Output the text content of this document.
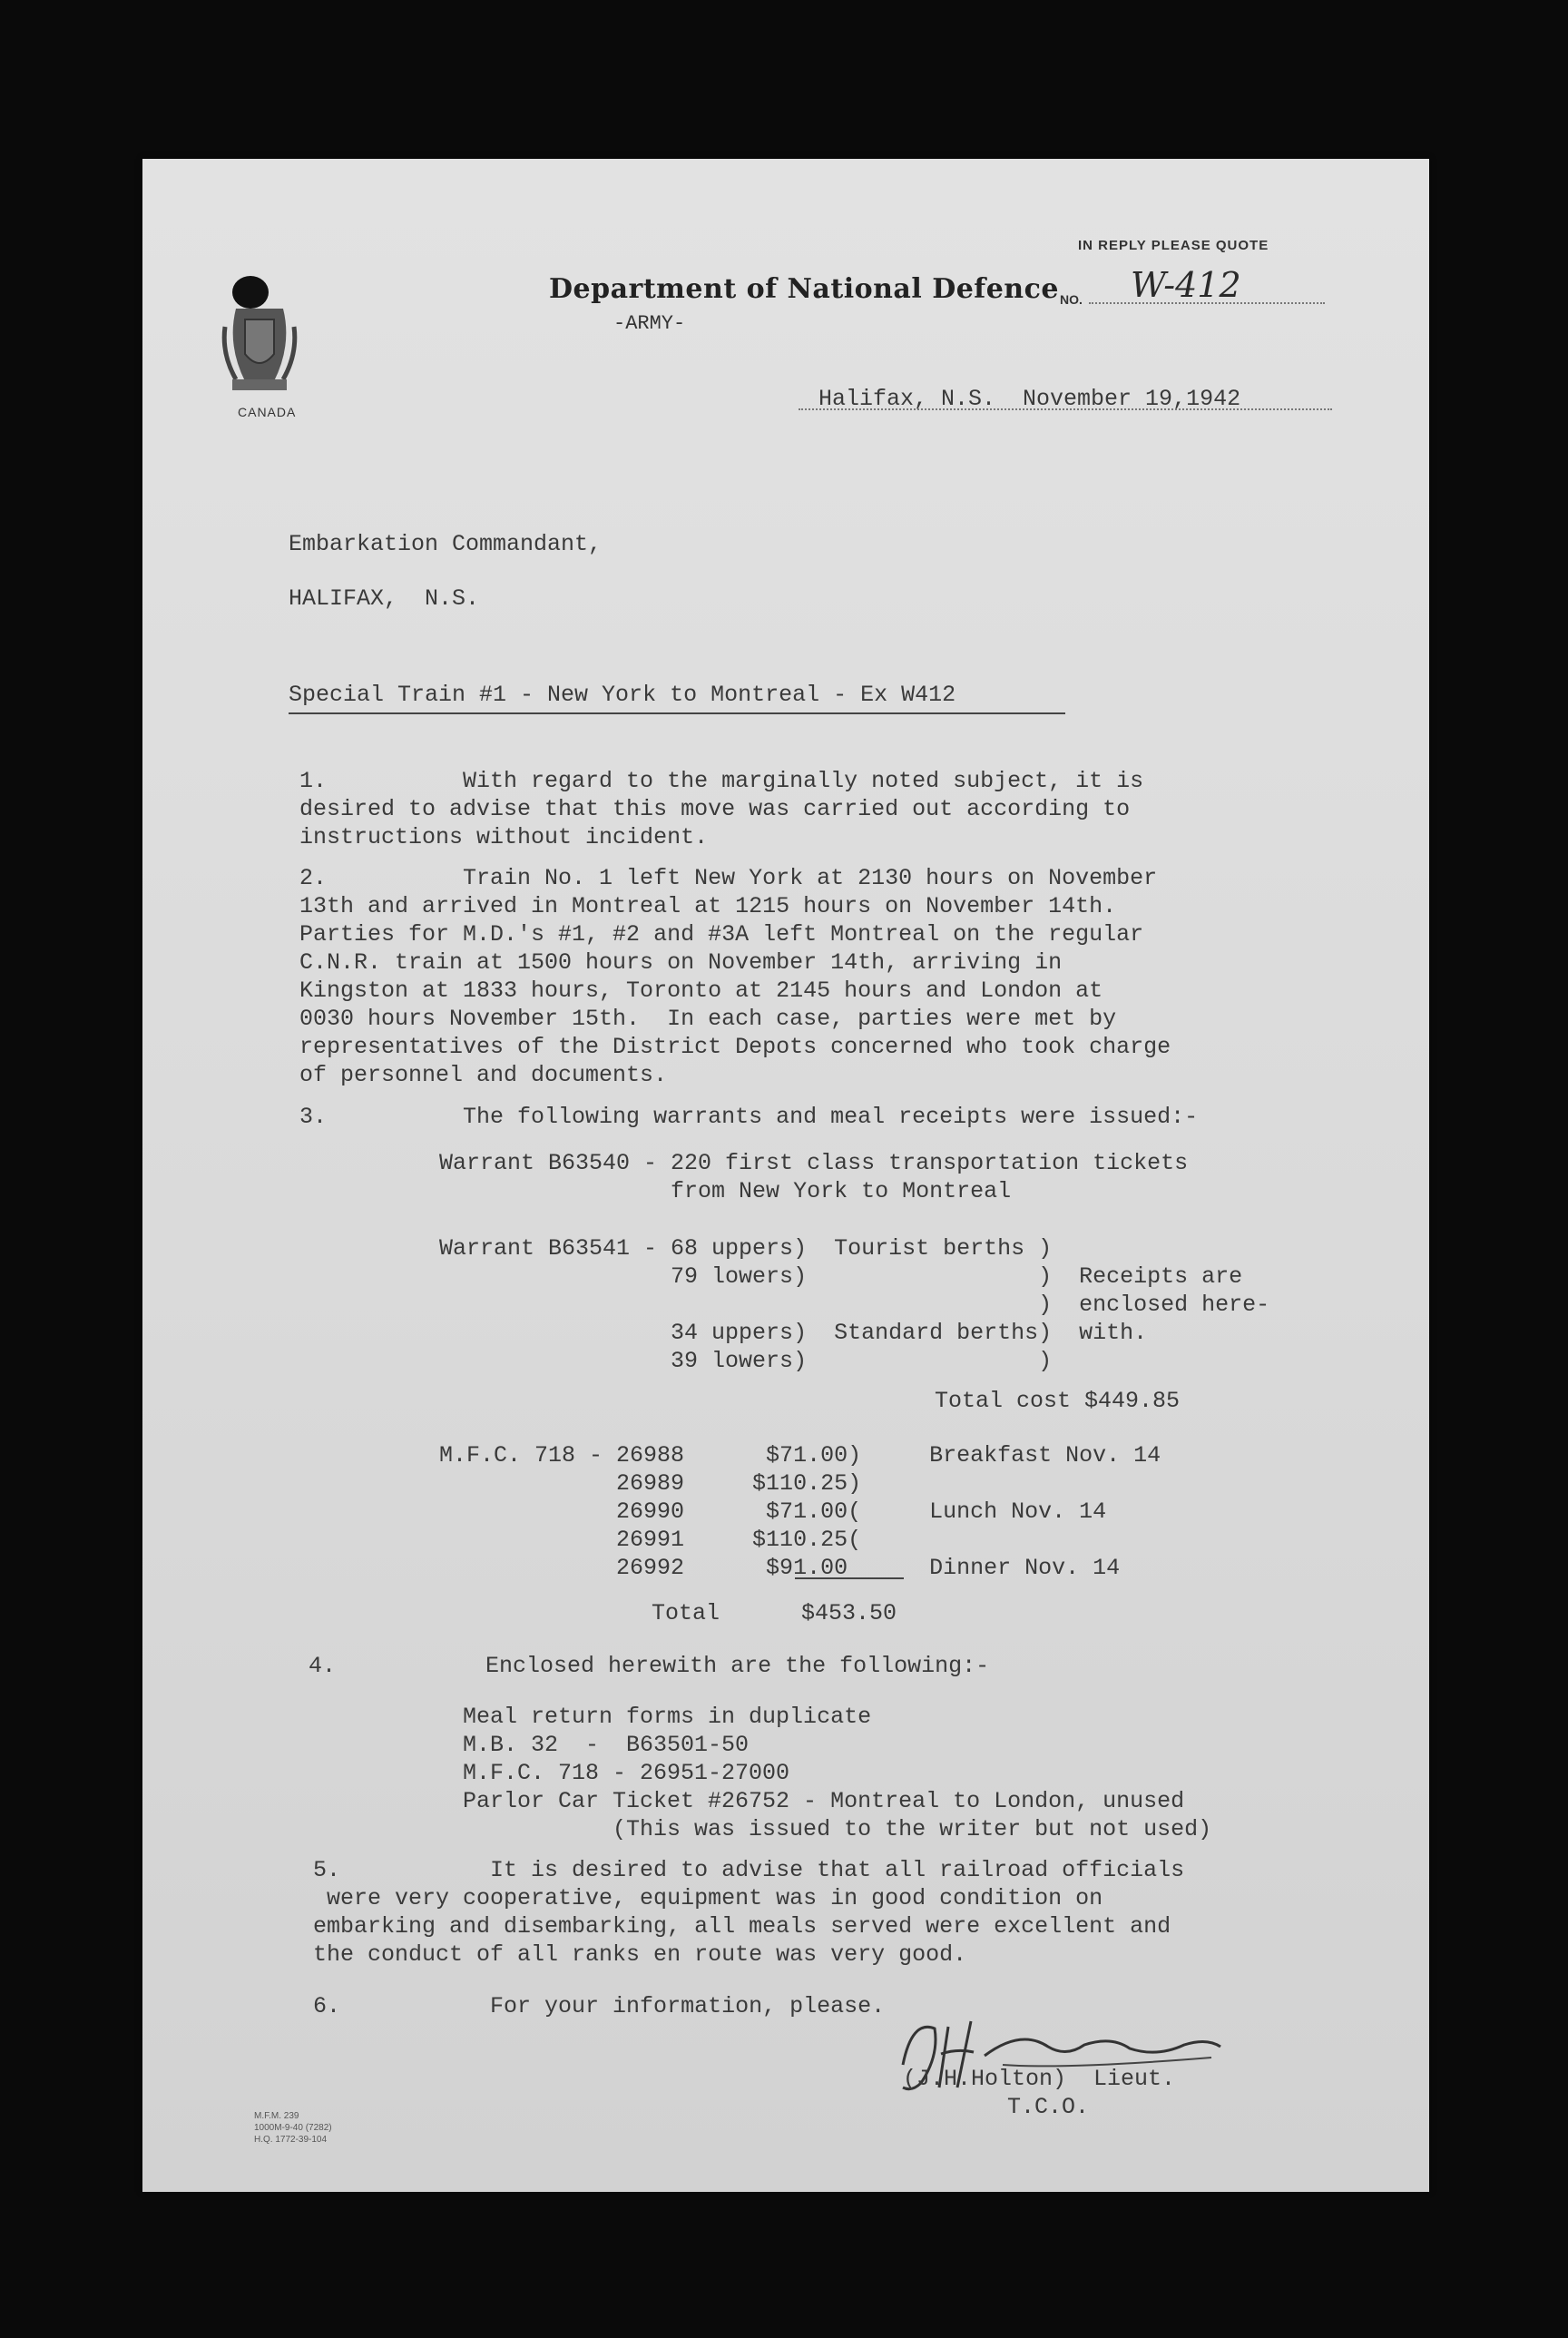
CANADA
Department of National Defence
-ARMY-
IN REPLY PLEASE QUOTE
NO. W-412
Halifax, N.S.  November 19,1942
Embarkation Commandant,
HALIFAX,  N.S.
Special Train #1 - New York to Montreal - Ex W412
1.          With regard to the marginally noted subject, it is
desired to advise that this move was carried out according to
instructions without incident.
2.          Train No. 1 left New York at 2130 hours on November
13th and arrived in Montreal at 1215 hours on November 14th.
Parties for M.D.'s #1, #2 and #3A left Montreal on the regular
C.N.R. train at 1500 hours on November 14th, arriving in
Kingston at 1833 hours, Toronto at 2145 hours and London at
0030 hours November 15th.  In each case, parties were met by
representatives of the District Depots concerned who took charge
of personnel and documents.
3.          The following warrants and meal receipts were issued:-
Warrant B63540 - 220 first class transportation tickets
from New York to Montreal
Warrant B63541 - 68 uppers)  Tourist berths )
79 lowers)                 )  Receipts are
)  enclosed here-
34 uppers)  Standard berths)  with.
39 lowers)                 )
Total cost $449.85
M.F.C. 718 - 26988      $71.00)     Breakfast Nov. 14
26989     $110.25)
26990      $71.00(     Lunch Nov. 14
26991     $110.25(
26992      $91.00      Dinner Nov. 14
Total      $453.50
4.           Enclosed herewith are the following:-
Meal return forms in duplicate
M.B. 32  -  B63501-50
M.F.C. 718 - 26951-27000
Parlor Car Ticket #26752 - Montreal to London, unused
(This was issued to the writer but not used)
5.           It is desired to advise that all railroad officials
were very cooperative, equipment was in good condition on
embarking and disembarking, all meals served were excellent and
the conduct of all ranks en route was very good.
6.           For your information, please.
(J.H.Holton)  Lieut.
T.C.O.
M.F.M. 239
1000M-9-40 (7282)
H.Q. 1772-39-104
